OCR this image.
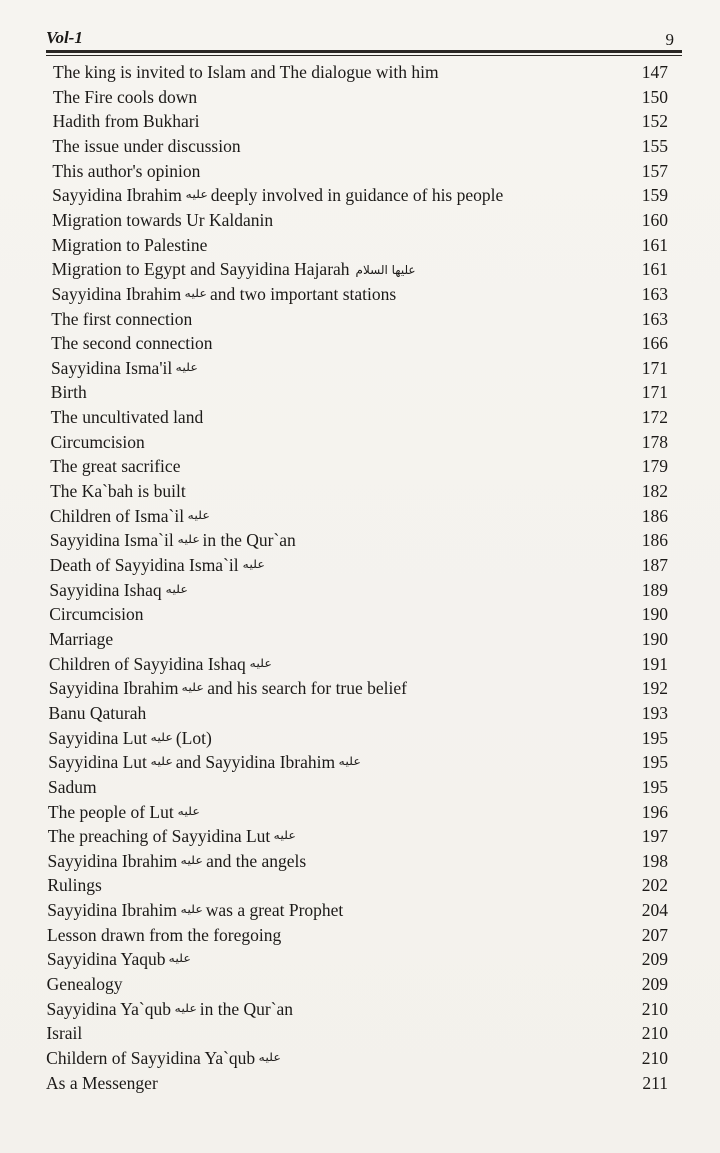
Vol-1	9
The king is invited to Islam and The dialogue with him	147
The Fire cools down	150
Hadith from Bukhari	152
The issue under discussion	155
This author's opinion	157
Sayyidina Ibrahim عليه deeply involved in guidance of his people	159
Migration towards Ur Kaldanin	160
Migration to Palestine	161
Migration to Egypt and Sayyidina Hajarah عليها السلام	161
Sayyidina Ibrahim عليه and two important stations	163
The first connection	163
The second connection	166
Sayyidina Isma'il عليه	171
Birth	171
The uncultivated land	172
Circumcision	178
The great sacrifice	179
The Ka`bah is built	182
Children of Isma`il عليه	186
Sayyidina Isma`il عليه in the Qur`an	186
Death of Sayyidina Isma`il عليه	187
Sayyidina Ishaq عليه	189
Circumcision	190
Marriage	190
Children of Sayyidina Ishaq عليه	191
Sayyidina Ibrahim عليه and his search for true belief	192
Banu Qaturah	193
Sayyidina Lut عليه (Lot)	195
Sayyidina Lut عليه and Sayyidina Ibrahim عليه	195
Sadum	195
The people of Lut عليه	196
The preaching of Sayyidina Lut عليه	197
Sayyidina Ibrahim عليه and the angels	198
Rulings	202
Sayyidina Ibrahim عليه was a great Prophet	204
Lesson drawn from the foregoing	207
Sayyidina Yaqub عليه	209
Genealogy	209
Sayyidina Ya`qub عليه in the Qur`an	210
Israil	210
Childern of Sayyidina Ya`qub عليه	210
As a Messenger	211
